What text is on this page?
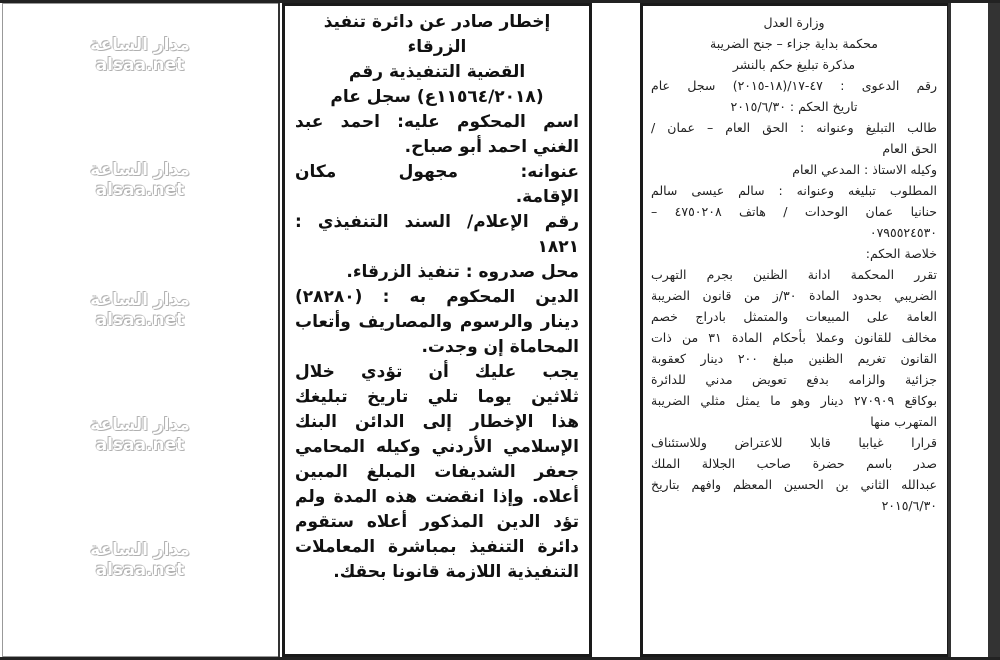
إخطار صادر عن دائرة تنفيذ
الزرقاء
القضية التنفيذية رقم
(١١٥٦٤/٢٠١٨ع) سجل عام
اسم المحكوم عليه: احمد عبد
الغني احمد أبو صباح.
عنوانه: مجهول مكان
الإقامة.
رقم الإعلام/ السند التنفيذي :
١٨٢١
محل صدروه : تنفيذ الزرقاء.
الدين المحكوم به : (٢٨٢٨٠)
دينار والرسوم والمصاريف وأتعاب
المحاماة إن وجدت.
يجب عليك أن تؤدي خلال
ثلاثين يوما تلي تاريخ تبليغك
هذا الإخطار إلى الدائن البنك
الإسلامي الأردني وكيله المحامي
جعفر الشديفات المبلغ المبين
أعلاه. وإذا انقضت هذه المدة ولم
تؤد الدين المذكور أعلاه ستقوم
دائرة التنفيذ بمباشرة المعاملات
التنفيذية اللازمة قانونا بحقك.
وزارة العدل
محكمة بداية جزاء – جنح الضريبة
مذكرة تبليغ حكم بالنشر
رقم الدعوى : ٤٧-١٧/(١٨-٢٠١٥) سجل عام
تاريخ الحكم : ٢٠١٥/٦/٣٠
طالب التبليغ وعنوانه : الحق العام – عمان /
الحق العام
وكيله الاستاذ : المدعي العام
المطلوب تبليغه وعنوانه : سالم عيسى سالم
حنانيا عمان الوحدات / هاتف ٤٧٥٠٢٠٨ –
٠٧٩٥٥٢٤٥٣٠
خلاصة الحكم:
تقرر المحكمة ادانة الظنين بجرم التهرب
الضريبي بحدود المادة ٣٠/ز من قانون الضريبة
العامة على المبيعات والمتمثل بادراج خصم
مخالف للقانون وعملا بأحكام المادة ٣١ من ذات
القانون تغريم الظنين مبلغ ٢٠٠ دينار كعقوبة
جزائية والزامه بدفع تعويض مدني للدائرة
بوكاقع ٢٧٠٩٠٩ دينار وهو ما يمثل مثلي الضريبة
المتهرب منها
قرارا غيابيا قابلا للاعتراض وللاستئناف
صدر باسم حضرة صاحب الجلالة الملك
عبدالله الثاني بن الحسين المعظم وافهم بتاريخ
٢٠١٥/٦/٣٠
مدار الساعة
alsaa.net
مدار الساعة
alsaa.net
مدار الساعة
alsaa.net
مدار الساعة
alsaa.net
مدار الساعة
alsaa.net
